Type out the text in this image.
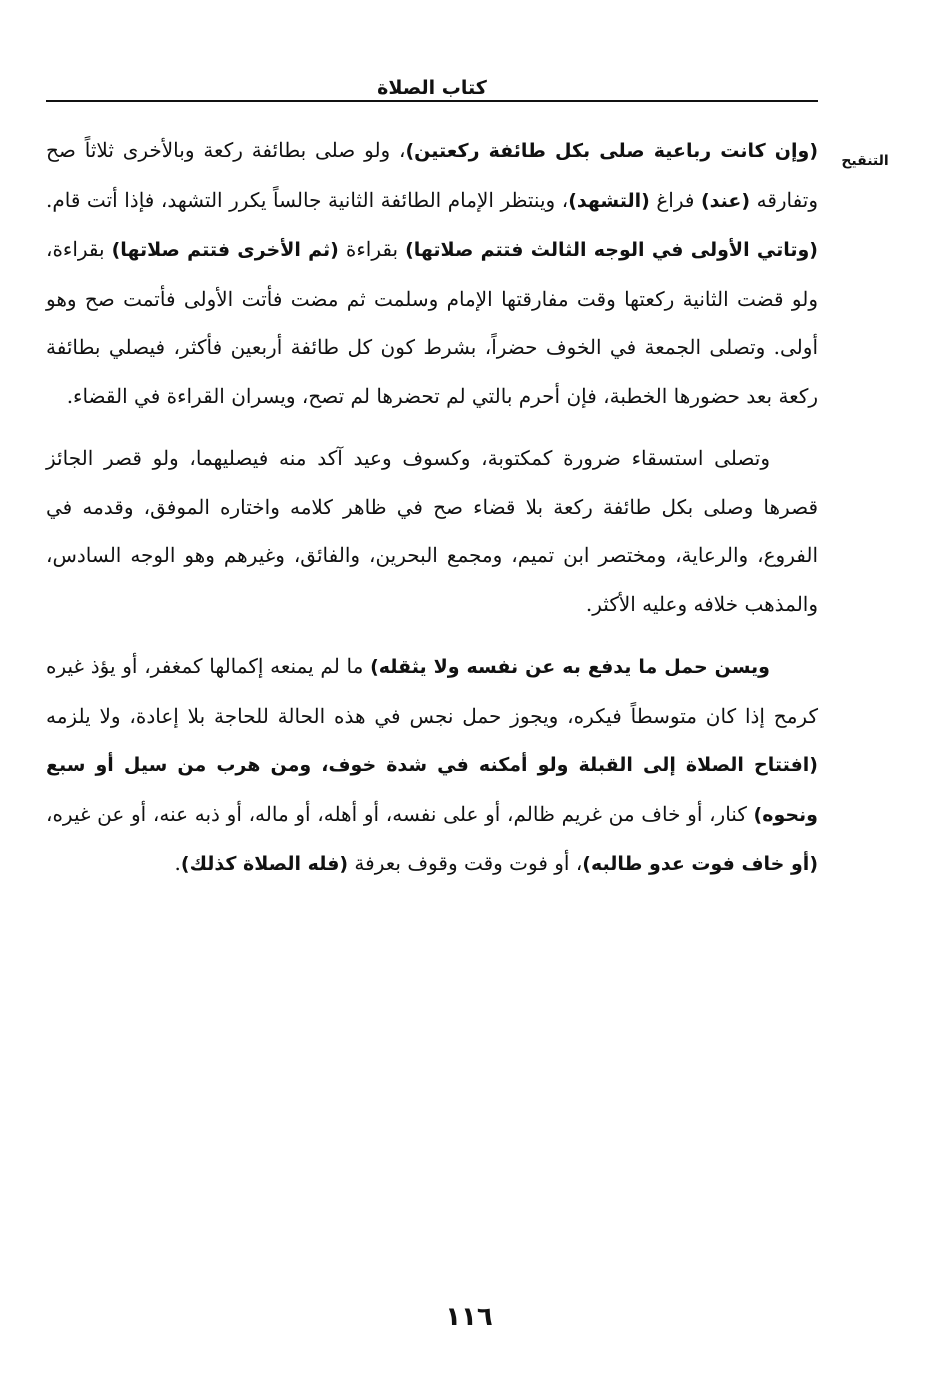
كتاب الصلاة
التنقيح

(وإن كانت رباعية صلى بكل طائفة ركعتين)، ولو صلى بطائفة ركعة وبالأخرى ثلاثاً صح وتفارقه (عند) فراغ (التشهد)، وينتظر الإمام الطائفة الثانية جالساً يكرر التشهد، فإذا أتت قام. (وتاتي الأولى في الوجه الثالث فتتم صلاتها) بقراءة (ثم الأخرى فتتم صلاتها) بقراءة، ولو قضت الثانية ركعتها وقت مفارقتها الإمام وسلمت ثم مضت فأتت الأولى فأتمت صح وهو أولى. وتصلى الجمعة في الخوف حضراً، بشرط كون كل طائفة أربعين فأكثر، فيصلي بطائفة ركعة بعد حضورها الخطبة، فإن أحرم بالتي لم تحضرها لم تصح، ويسران القراءة في القضاء.

وتصلى استسقاء ضرورة كمكتوبة، وكسوف وعيد آكد منه فيصليهما، ولو قصر الجائز قصرها وصلى بكل طائفة ركعة بلا قضاء صح في ظاهر كلامه واختاره الموفق، وقدمه في الفروع، والرعاية، ومختصر ابن تميم، ومجمع البحرين، والفائق، وغيرهم وهو الوجه السادس، والمذهب خلافه وعليه الأكثر.

ويسن حمل ما يدفع به عن نفسه ولا يثقله) ما لم يمنعه إكمالها كمغفر، أو يؤذ غيره كرمح إذا كان متوسطاً فيكره، ويجوز حمل نجس في هذه الحالة للحاجة بلا إعادة، ولا يلزمه (افتتاح الصلاة إلى القبلة ولو أمكنه في شدة خوف، ومن هرب من سيل أو سبع ونحوه) كنار، أو خاف من غريم ظالم، أو على نفسه، أو أهله، أو ماله، أو ذبه عنه، أو عن غيره، (أو خاف فوت عدو طالبه)، أو فوت وقت وقوف بعرفة (فله الصلاة كذلك).

١١٦
